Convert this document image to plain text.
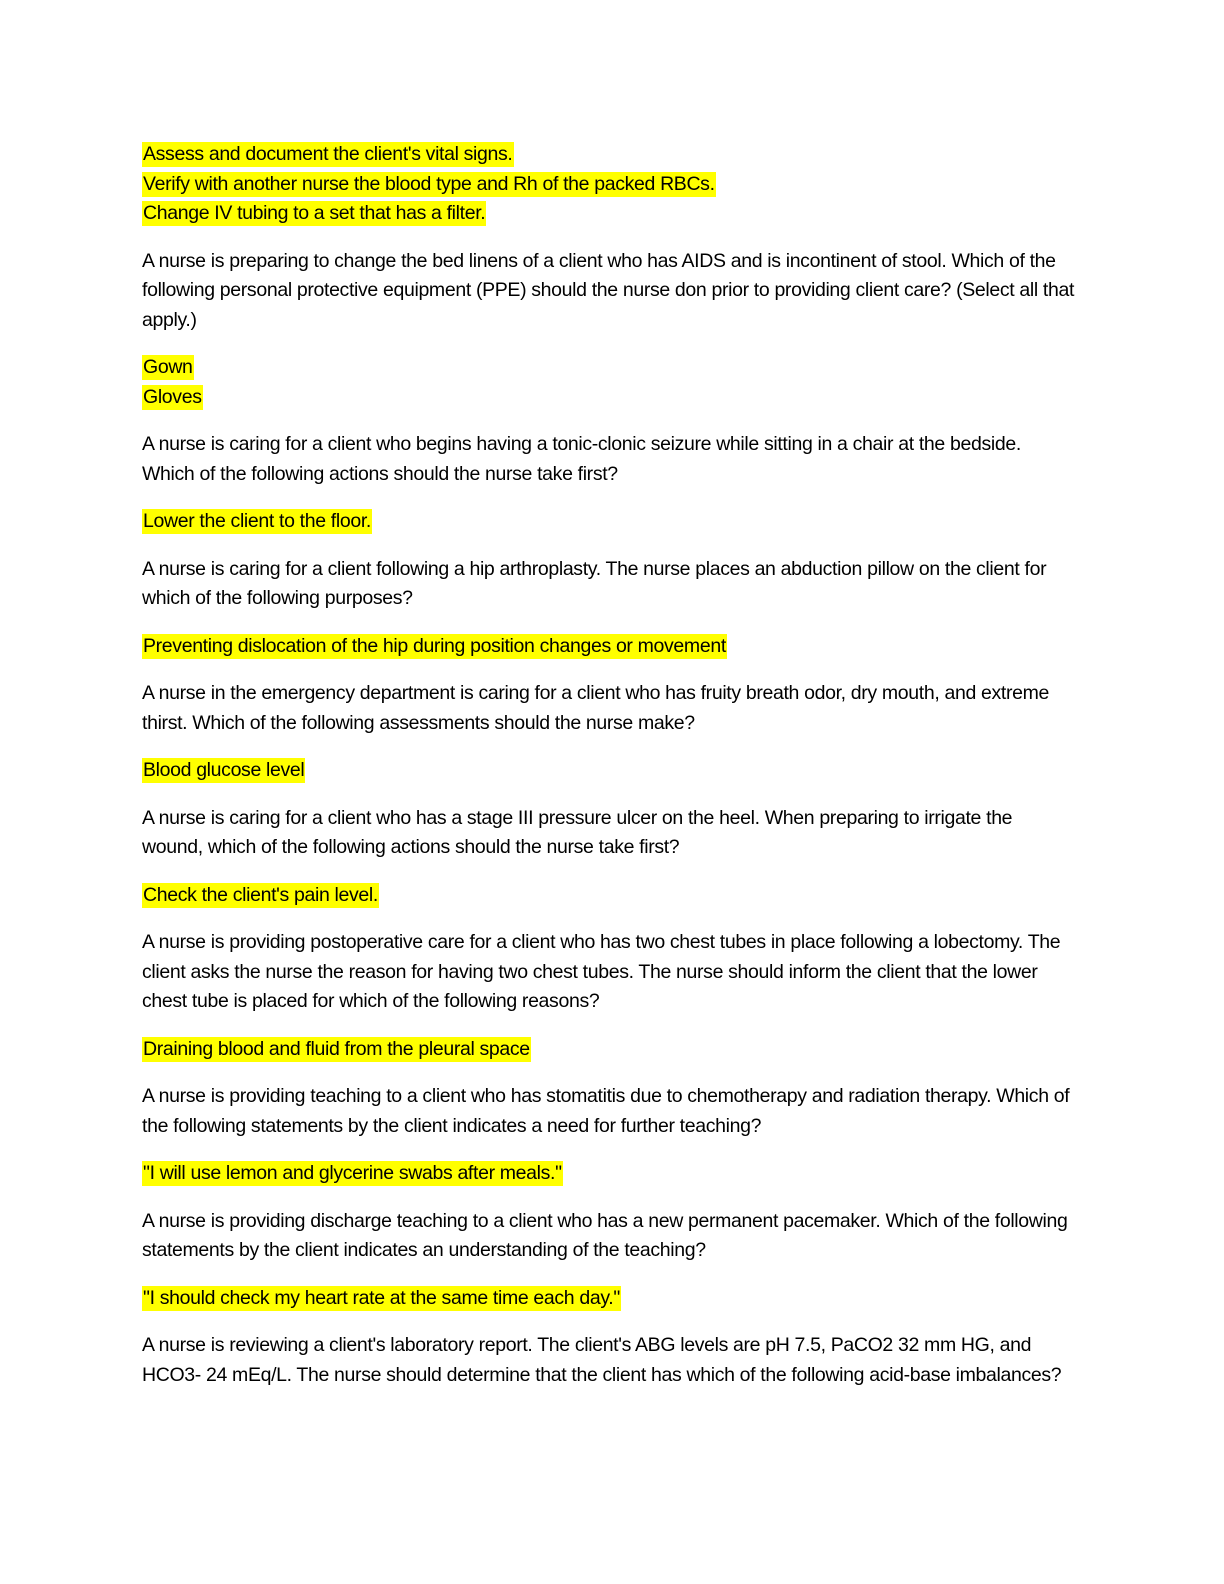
Assess and document the client's vital signs.
Verify with another nurse the blood type and Rh of the packed RBCs.
Change IV tubing to a set that has a filter.

A nurse is preparing to change the bed linens of a client who has AIDS and is incontinent of stool. Which of the following personal protective equipment (PPE) should the nurse don prior to providing client care? (Select all that apply.)

Gown
Gloves

A nurse is caring for a client who begins having a tonic-clonic seizure while sitting in a chair at the bedside. Which of the following actions should the nurse take first?

Lower the client to the floor.

A nurse is caring for a client following a hip arthroplasty. The nurse places an abduction pillow on the client for which of the following purposes?

Preventing dislocation of the hip during position changes or movement

A nurse in the emergency department is caring for a client who has fruity breath odor, dry mouth, and extreme thirst. Which of the following assessments should the nurse make?

Blood glucose level

A nurse is caring for a client who has a stage III pressure ulcer on the heel. When preparing to irrigate the wound, which of the following actions should the nurse take first?

Check the client's pain level.

A nurse is providing postoperative care for a client who has two chest tubes in place following a lobectomy. The client asks the nurse the reason for having two chest tubes. The nurse should inform the client that the lower chest tube is placed for which of the following reasons?

Draining blood and fluid from the pleural space

A nurse is providing teaching to a client who has stomatitis due to chemotherapy and radiation therapy. Which of the following statements by the client indicates a need for further teaching?

"I will use lemon and glycerine swabs after meals."

A nurse is providing discharge teaching to a client who has a new permanent pacemaker. Which of the following statements by the client indicates an understanding of the teaching?

"I should check my heart rate at the same time each day."

A nurse is reviewing a client's laboratory report. The client's ABG levels are pH 7.5, PaCO2 32 mm HG, and HCO3- 24 mEq/L. The nurse should determine that the client has which of the following acid-base imbalances?
